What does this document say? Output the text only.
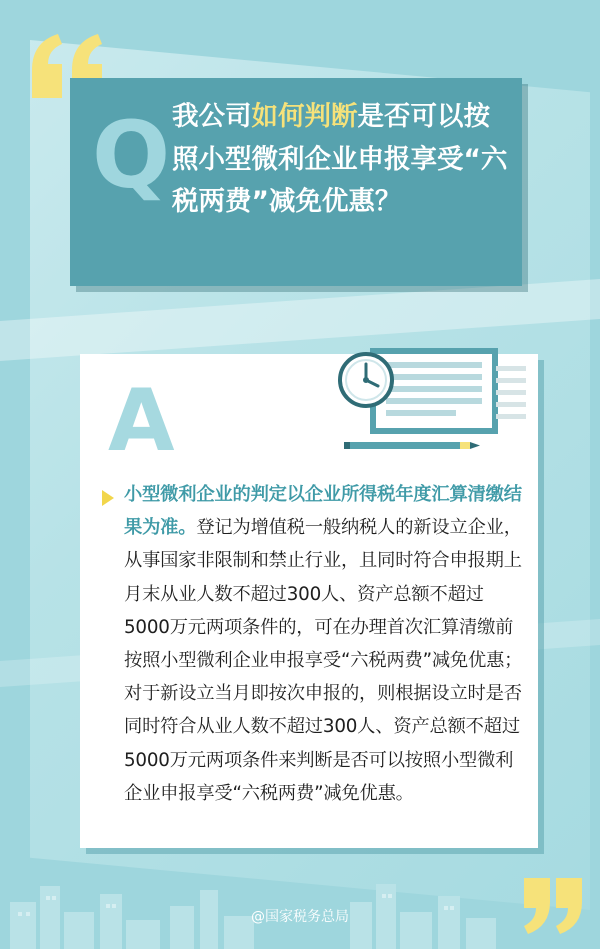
Q 我公司如何判断是否可以按照小型微利企业申报享受“六税两费”减免优惠？

A

小型微利企业的判定以企业所得税年度汇算清缴结果为准。登记为增值税一般纳税人的新设立企业，从事国家非限制和禁止行业，且同时符合申报期上月末从业人数不超过300人、资产总额不超过5000万元两项条件的，可在办理首次汇算清缴前按照小型微利企业申报享受“六税两费”减免优惠；对于新设立当月即按次申报的，则根据设立时是否同时符合从业人数不超过300人、资产总额不超过5000万元两项条件来判断是否可以按照小型微利企业申报享受“六税两费”减免优惠。

@国家税务总局
